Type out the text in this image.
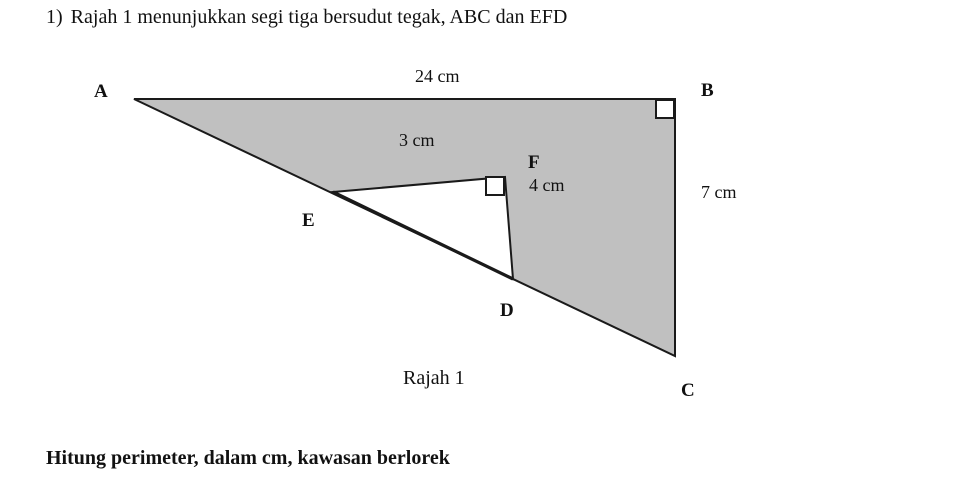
1) Rajah 1 menunjukkan segi tiga bersudut tegak, ABC dan EFD
A	B
C
D
E
F
24 cm
7 cm
3 cm
4 cm
Rajah 1
Hitung perimeter, dalam cm, kawasan berlorek
